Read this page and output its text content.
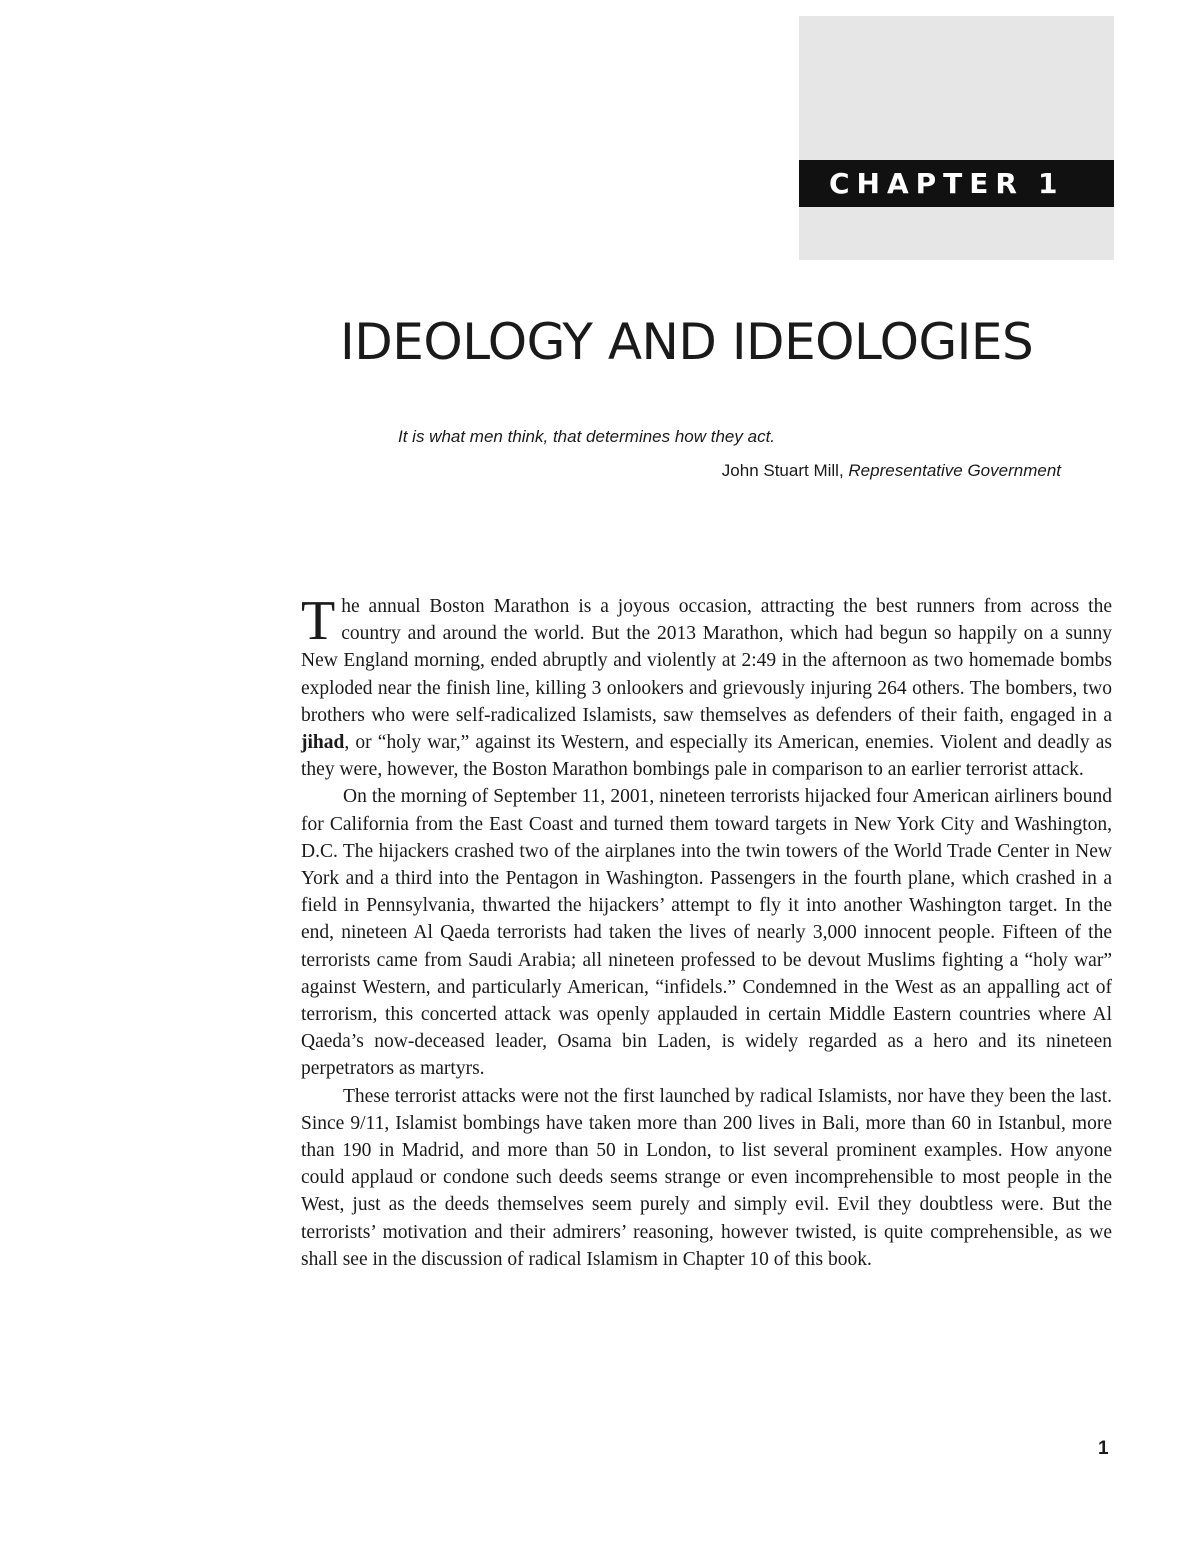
CHAPTER 1
IDEOLOGY AND IDEOLOGIES
It is what men think, that determines how they act.
John Stuart Mill, Representative Government

The annual Boston Marathon is a joyous occasion, attracting the best runners from across the country and around the world. But the 2013 Marathon, which had begun so happily on a sunny New England morning, ended abruptly and violently at 2:49 in the afternoon as two homemade bombs exploded near the finish line, killing 3 onlookers and grievously injuring 264 others. The bombers, two brothers who were self-radicalized Islamists, saw themselves as defenders of their faith, engaged in a jihad, or “holy war,” against its Western, and especially its American, enemies. Violent and deadly as they were, however, the Boston Marathon bombings pale in comparison to an earlier terrorist attack.

On the morning of September 11, 2001, nineteen terrorists hijacked four American airliners bound for California from the East Coast and turned them toward targets in New York City and Washington, D.C. The hijackers crashed two of the airplanes into the twin towers of the World Trade Center in New York and a third into the Pentagon in Washington. Passengers in the fourth plane, which crashed in a field in Pennsylvania, thwarted the hijackers’ attempt to fly it into another Washington target. In the end, nineteen Al Qaeda terrorists had taken the lives of nearly 3,000 innocent people. Fifteen of the terrorists came from Saudi Arabia; all nineteen professed to be devout Muslims fighting a “holy war” against Western, and particularly American, “infidels.” Condemned in the West as an appalling act of terrorism, this concerted attack was openly applauded in certain Middle Eastern countries where Al Qaeda’s now-deceased leader, Osama bin Laden, is widely regarded as a hero and its nineteen perpetrators as martyrs.

These terrorist attacks were not the first launched by radical Islamists, nor have they been the last. Since 9/11, Islamist bombings have taken more than 200 lives in Bali, more than 60 in Istanbul, more than 190 in Madrid, and more than 50 in London, to list several prominent examples. How anyone could applaud or condone such deeds seems strange or even incomprehensible to most people in the West, just as the deeds themselves seem purely and simply evil. Evil they doubtless were. But the terrorists’ motivation and their admirers’ reasoning, however twisted, is quite comprehensible, as we shall see in the discussion of radical Islamism in Chapter 10 of this book.

1
